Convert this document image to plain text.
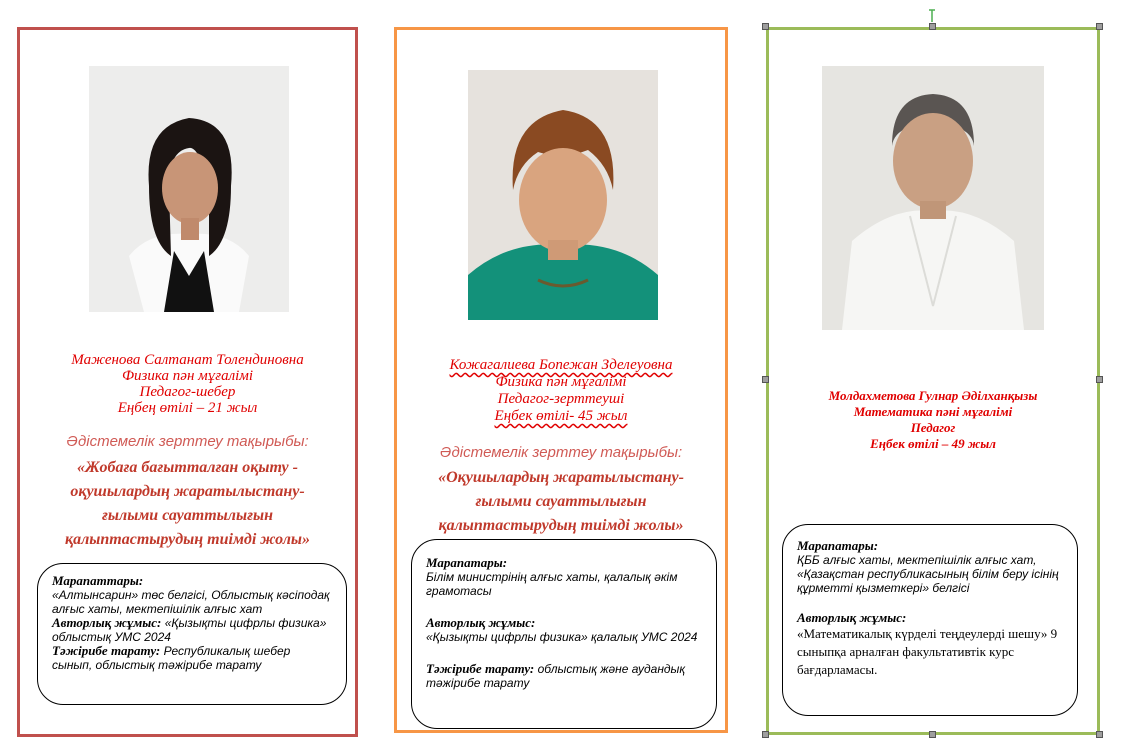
Маженова Салтанат Толендиновна
Физика пән мұғалімі
Педагог-шебер
Еңбең өтілі – 21 жыл
Әдістемелік зерттеу тақырыбы:
«Жобаға бағытталған оқыту -
оқушылардың жаратылыстану-
ғылыми сауаттылығын
қалыптастырудың тиімді жолы»
Марапаттары:
«Алтынсарин» төс белгісі, Облыстық кәсіподақ алғыс хаты, мектепішілік алғыс хат
Авторлық жұмыс: «Қызықты цифрлы физика» облыстық УМС 2024
Тәжірибе тарату: Республикалық шебер сынып, облыстық тәжірибе тарату
Кожагалиева Бопежан Зделеуовна
Физика пән мұғалімі
Педагог-зерттеуші
Еңбек өтілі- 45 жыл
Әдістемелік зерттеу тақырыбы:
«Оқушылардың жаратылыстану-
ғылыми сауаттылығын
қалыптастырудың тиімді жолы»
Марапатары:
Білім министрінің алғыс хаты, қалалық әкім грамотасы
Авторлық жұмыс:
«Қызықты цифрлы физика» қалалық УМС 2024
Тәжірибе тарату: облыстық және аудандық тәжірибе тарату
Молдахметова Гулнар Әділханқызы
Математика пәні мұғалімі
Педагог
Еңбек өтілі – 49 жыл
Марапатары:
ҚББ алғыс хаты, мектепішілік алғыс хат, «Қазақстан республикасының білім беру ісінің құрметті қызметкері» белгісі
Авторлық жұмыс:
«Математикалық күрделі теңдеулерді шешу» 9 сыныпқа арналған факультативтік курс бағдарламасы.
